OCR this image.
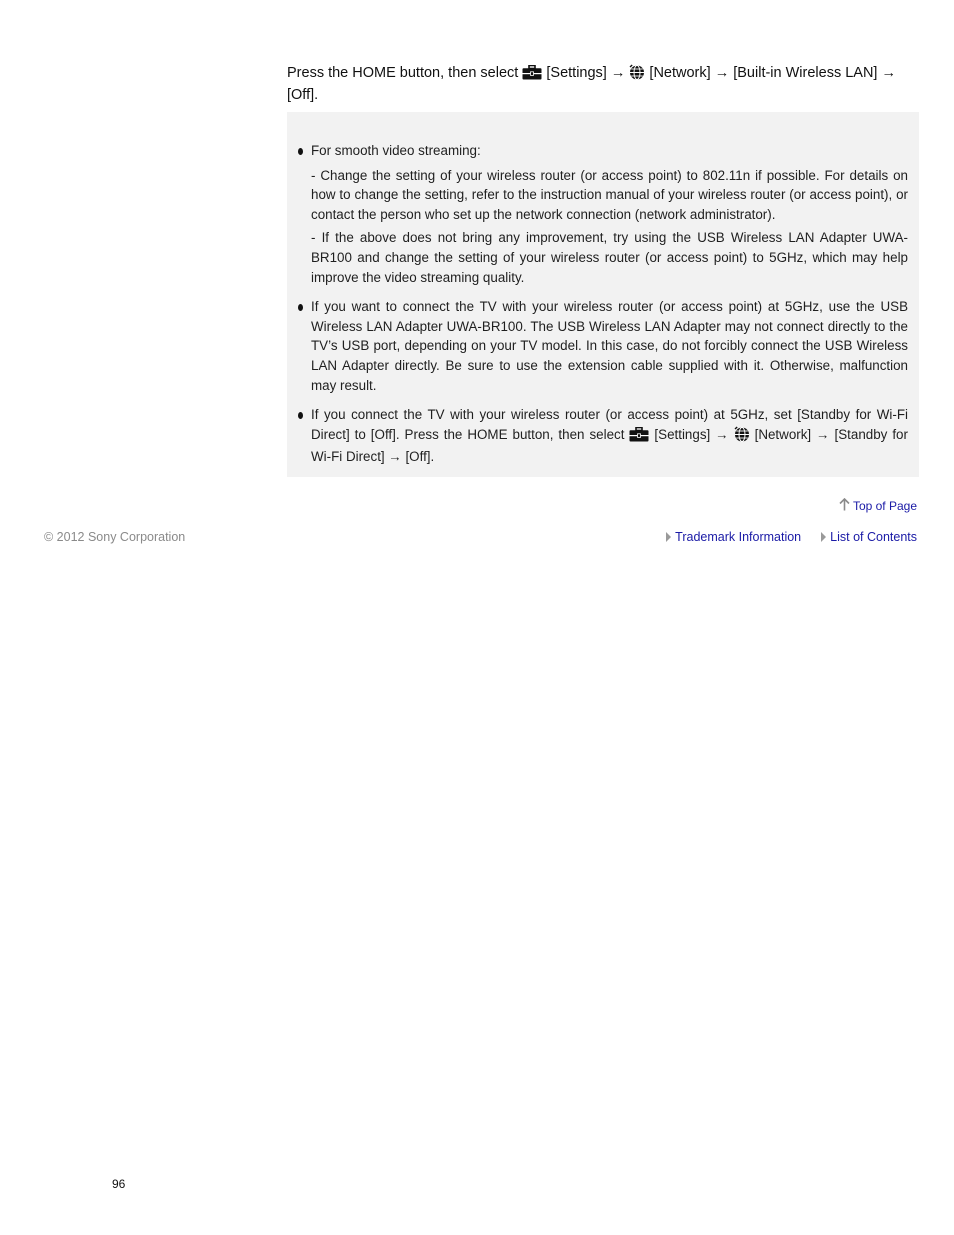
Press the HOME button, then select [Settings] → [Network] → [Built-in Wireless LAN] → [Off].
For smooth video streaming:
- Change the setting of your wireless router (or access point) to 802.11n if possible. For details on how to change the setting, refer to the instruction manual of your wireless router (or access point), or contact the person who set up the network connection (network administrator).
- If the above does not bring any improvement, try using the USB Wireless LAN Adapter UWA-BR100 and change the setting of your wireless router (or access point) to 5GHz, which may help improve the video streaming quality.
If you want to connect the TV with your wireless router (or access point) at 5GHz, use the USB Wireless LAN Adapter UWA-BR100. The USB Wireless LAN Adapter may not connect directly to the TV’s USB port, depending on your TV model. In this case, do not forcibly connect the USB Wireless LAN Adapter directly. Be sure to use the extension cable supplied with it. Otherwise, malfunction may result.
If you connect the TV with your wireless router (or access point) at 5GHz, set [Standby for Wi-Fi Direct] to [Off]. Press the HOME button, then select [Settings] → [Network] → [Standby for Wi-Fi Direct] → [Off].
Top of Page
© 2012 Sony Corporation	Trademark Information List of Contents
96
